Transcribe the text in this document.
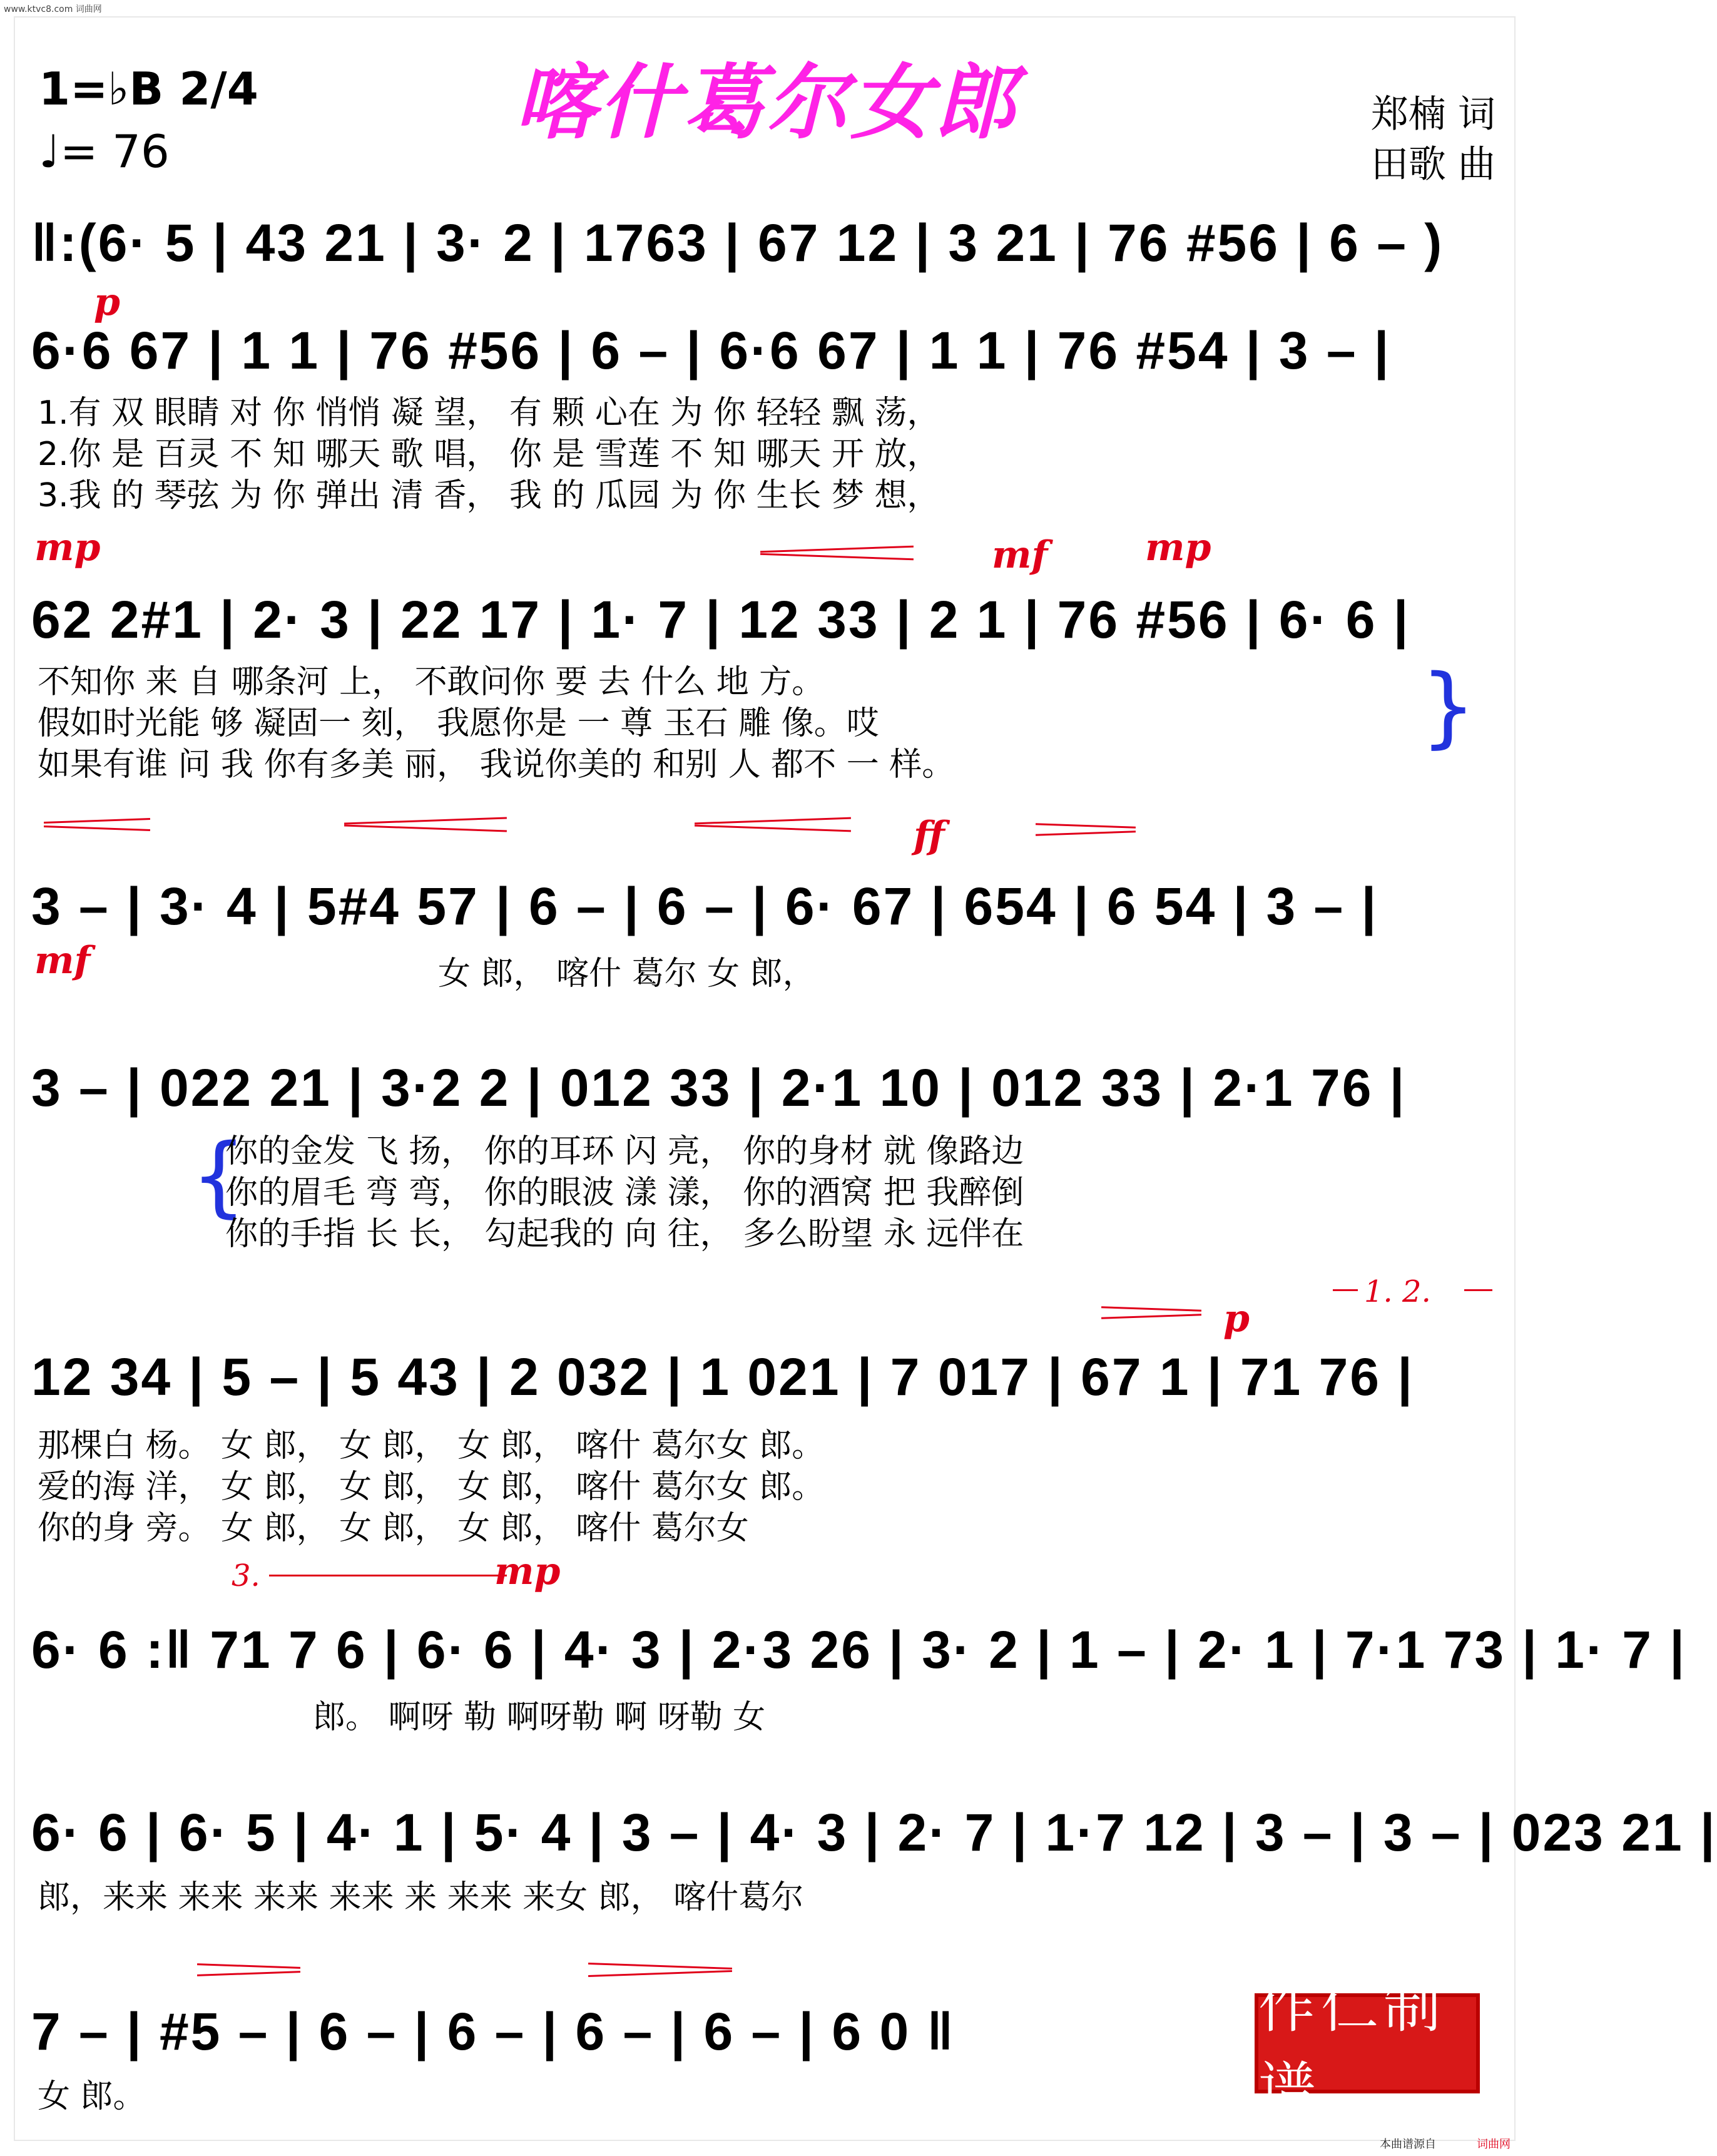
www.ktvc8.com 词曲网
喀什葛尔女郎
1=♭B 2/4
♩= 76
郑楠 词
田歌 曲
‖:(6· 5 | 43 21 | 3· 2 | 1763 | 67 12 | 3 21 | 76 #56 | 6 – )
p
6·6 67 | 1 1 | 76 #56 | 6 – | 6·6 67 | 1 1 | 76 #54 | 3 – |
1.有 双 眼睛 对 你 悄悄 凝 望， 有 颗 心在 为 你 轻轻 飘 荡，
2.你 是 百灵 不 知 哪天 歌 唱， 你 是 雪莲 不 知 哪天 开 放，
3.我 的 琴弦 为 你 弹出 清 香， 我 的 瓜园 为 你 生长 梦 想，
mp	mf	mp
62 2#1 | 2· 3 | 22 17 | 1· 7 | 12 33 | 2 1 | 76 #56 | 6· 6 |
不知你 来 自 哪条河 上， 不敢问你 要 去 什么 地 方。
假如时光能 够 凝固一 刻， 我愿你是 一 尊 玉石 雕 像。哎
如果有谁 问 我 你有多美 丽， 我说你美的 和别 人 都不 一 样。
}
ff
3 – | 3· 4 | 5#4 57 | 6 – | 6 – | 6· 67 | 654 | 6 54 | 3 – |
mf	女 郎， 喀什 葛尔 女 郎，
3 – | 022 21 | 3·2 2 | 012 33 | 2·1 10 | 012 33 | 2·1 76 |
{
你的金发 飞 扬， 你的耳环 闪 亮， 你的身材 就 像路边
你的眉毛 弯 弯， 你的眼波 漾 漾， 你的酒窝 把 我醉倒
你的手指 长 长， 勾起我的 向 往， 多么盼望 永 远伴在
p
1. 2.
12 34 | 5 – | 5 43 | 2 032 | 1 021 | 7 017 | 67 1 | 71 76 |
那棵白 杨。 女 郎， 女 郎， 女 郎， 喀什 葛尔女 郎。
爱的海 洋， 女 郎， 女 郎， 女 郎， 喀什 葛尔女 郎。
你的身 旁。 女 郎， 女 郎， 女 郎， 喀什 葛尔女
3.	mp
6· 6 :‖ 71 7 6 | 6· 6 | 4· 3 | 2·3 26 | 3· 2 | 1 – | 2· 1 | 7·1 73 | 1· 7 |
郎。 啊呀 勒 啊呀勒 啊 呀勒 女
6· 6 | 6· 5 | 4· 1 | 5· 4 | 3 – | 4· 3 | 2· 7 | 1·7 12 | 3 – | 3 – | 023 21 |
郎，来来 来来 来来 来来 来 来来 来女 郎， 喀什葛尔
7 – | #5 – | 6 – | 6 – | 6 – | 6 – | 6 0 ‖
女 郎。
作仁制谱
本曲谱源自	词曲网
